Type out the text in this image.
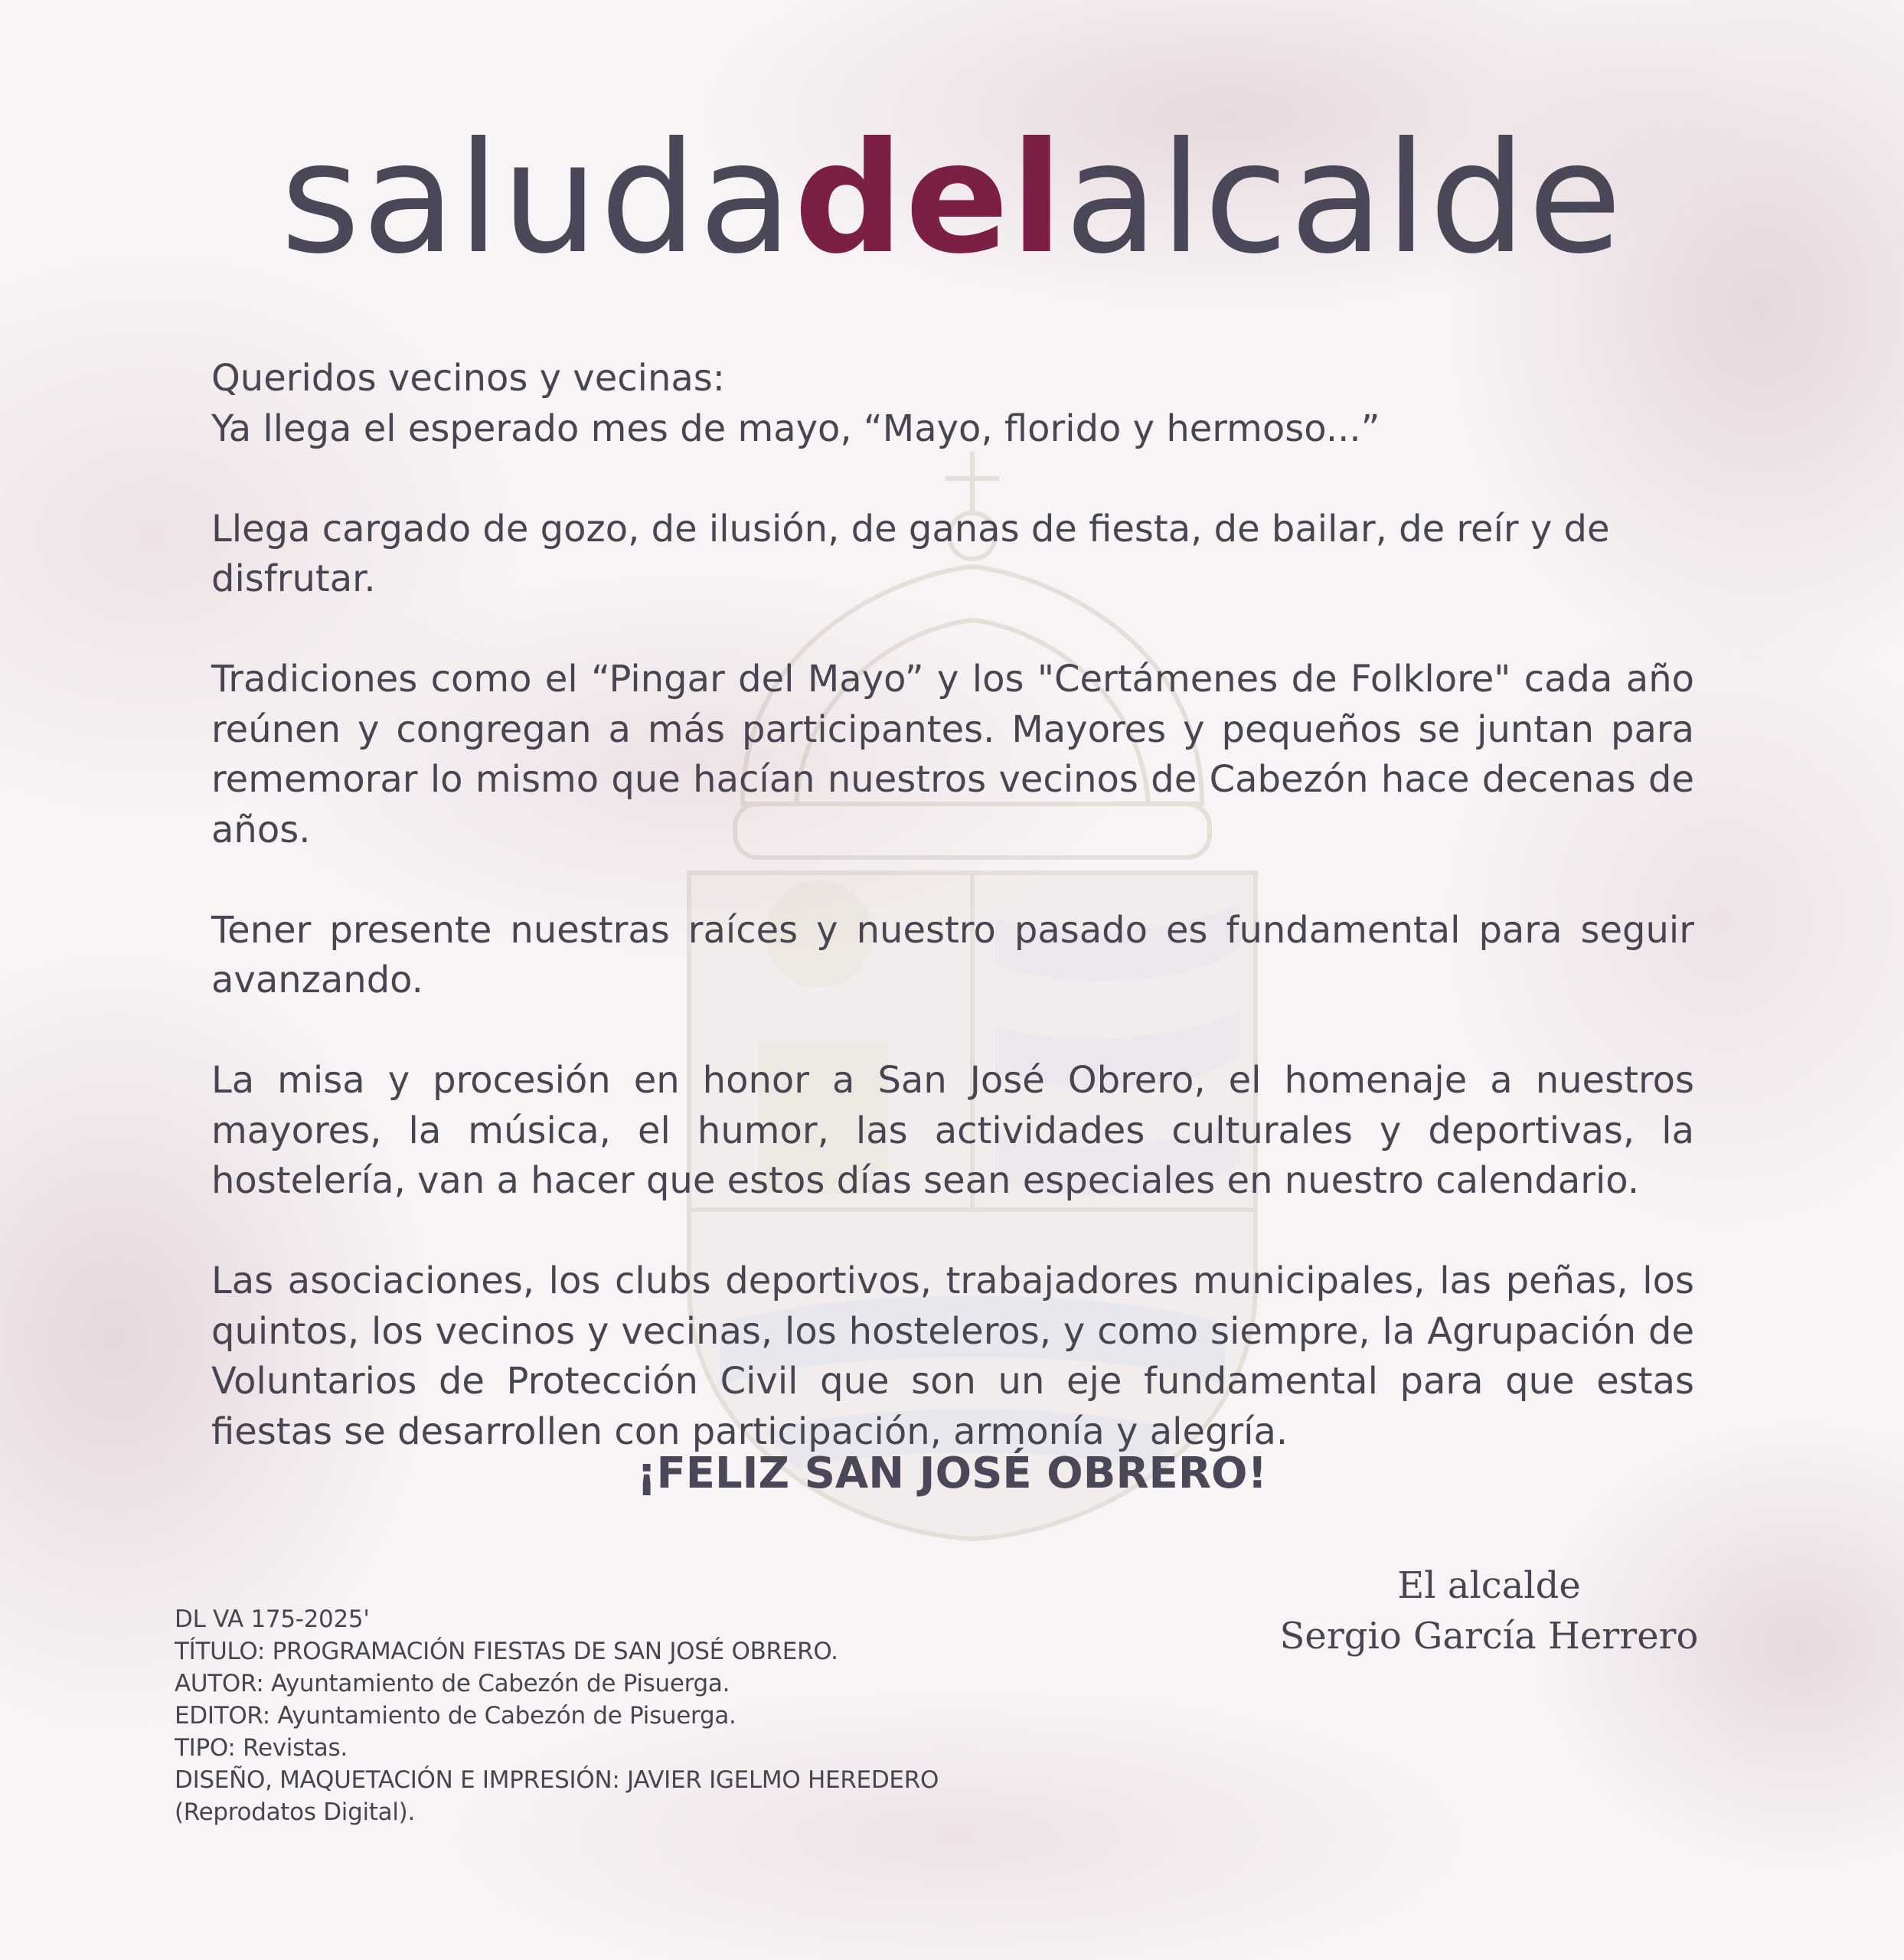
saludadelalcalde

Queridos vecinos y vecinas:
Ya llega el esperado mes de mayo, “Mayo, florido y hermoso...”

Llega cargado de gozo, de ilusión, de ganas de fiesta, de bailar, de reír y de disfrutar.

Tradiciones como el “Pingar del Mayo” y los "Certámenes de Folklore" cada año reúnen y congregan a más participantes. Mayores y pequeños se juntan para rememorar lo mismo que hacían nuestros vecinos de Cabezón hace decenas de años.

Tener presente nuestras raíces y nuestro pasado es fundamental para seguir avanzando.

La misa y procesión en honor a San José Obrero, el homenaje a nuestros mayores, la música, el humor, las actividades culturales y deportivas, la hostelería, van a hacer que estos días sean especiales en nuestro calendario.

Las asociaciones, los clubs deportivos, trabajadores municipales, las peñas, los quintos, los vecinos y vecinas, los hosteleros, y como siempre, la Agrupación de Voluntarios de Protección Civil que son un eje fundamental para que estas fiestas se desarrollen con participación, armonía y alegría.

¡FELIZ SAN JOSÉ OBRERO!
El alcalde
Sergio García Herrero
DL VA 175-2025'
TÍTULO: PROGRAMACIÓN FIESTAS DE SAN JOSÉ OBRERO.
AUTOR: Ayuntamiento de Cabezón de Pisuerga.
EDITOR: Ayuntamiento de Cabezón de Pisuerga.
TIPO: Revistas.
DISEÑO, MAQUETACIÓN E IMPRESIÓN: JAVIER IGELMO HEREDERO
(Reprodatos Digital).
